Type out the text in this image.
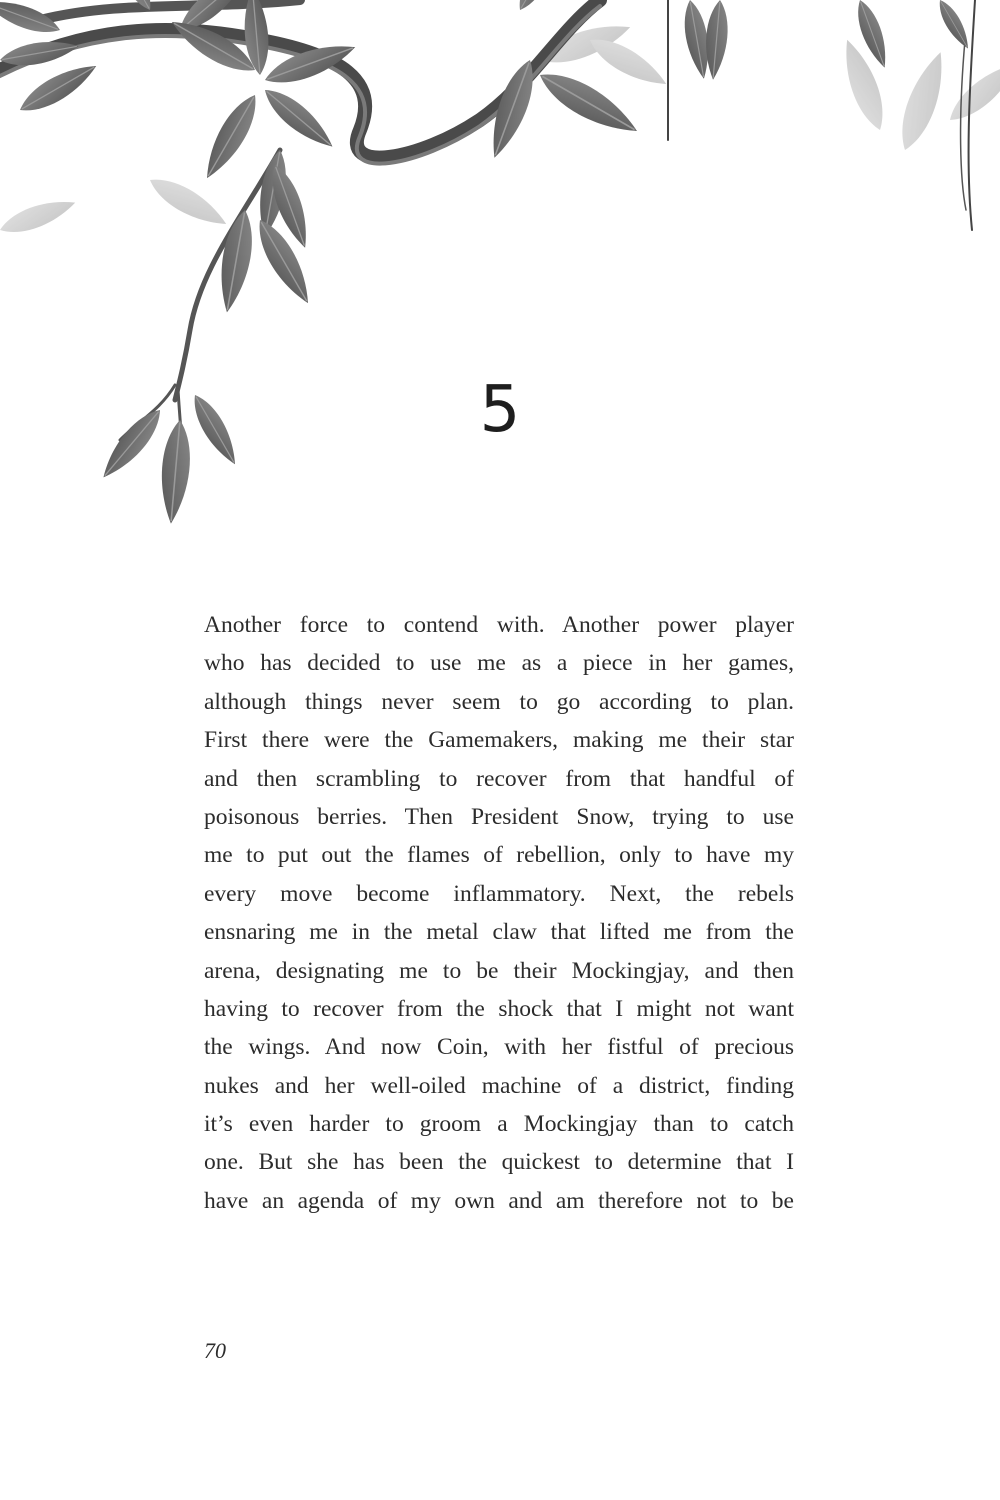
5
Another force to contend with. Another power player
who has decided to use me as a piece in her games,
although things never seem to go according to plan.
First there were the Gamemakers, making me their star
and then scrambling to recover from that handful of
poisonous berries. Then President Snow, trying to use
me to put out the flames of rebellion, only to have my
every move become inflammatory. Next, the rebels
ensnaring me in the metal claw that lifted me from the
arena, designating me to be their Mockingjay, and then
having to recover from the shock that I might not want
the wings. And now Coin, with her fistful of precious
nukes and her well-oiled machine of a district, finding
it’s even harder to groom a Mockingjay than to catch
one. But she has been the quickest to determine that I
have an agenda of my own and am therefore not to be
70
